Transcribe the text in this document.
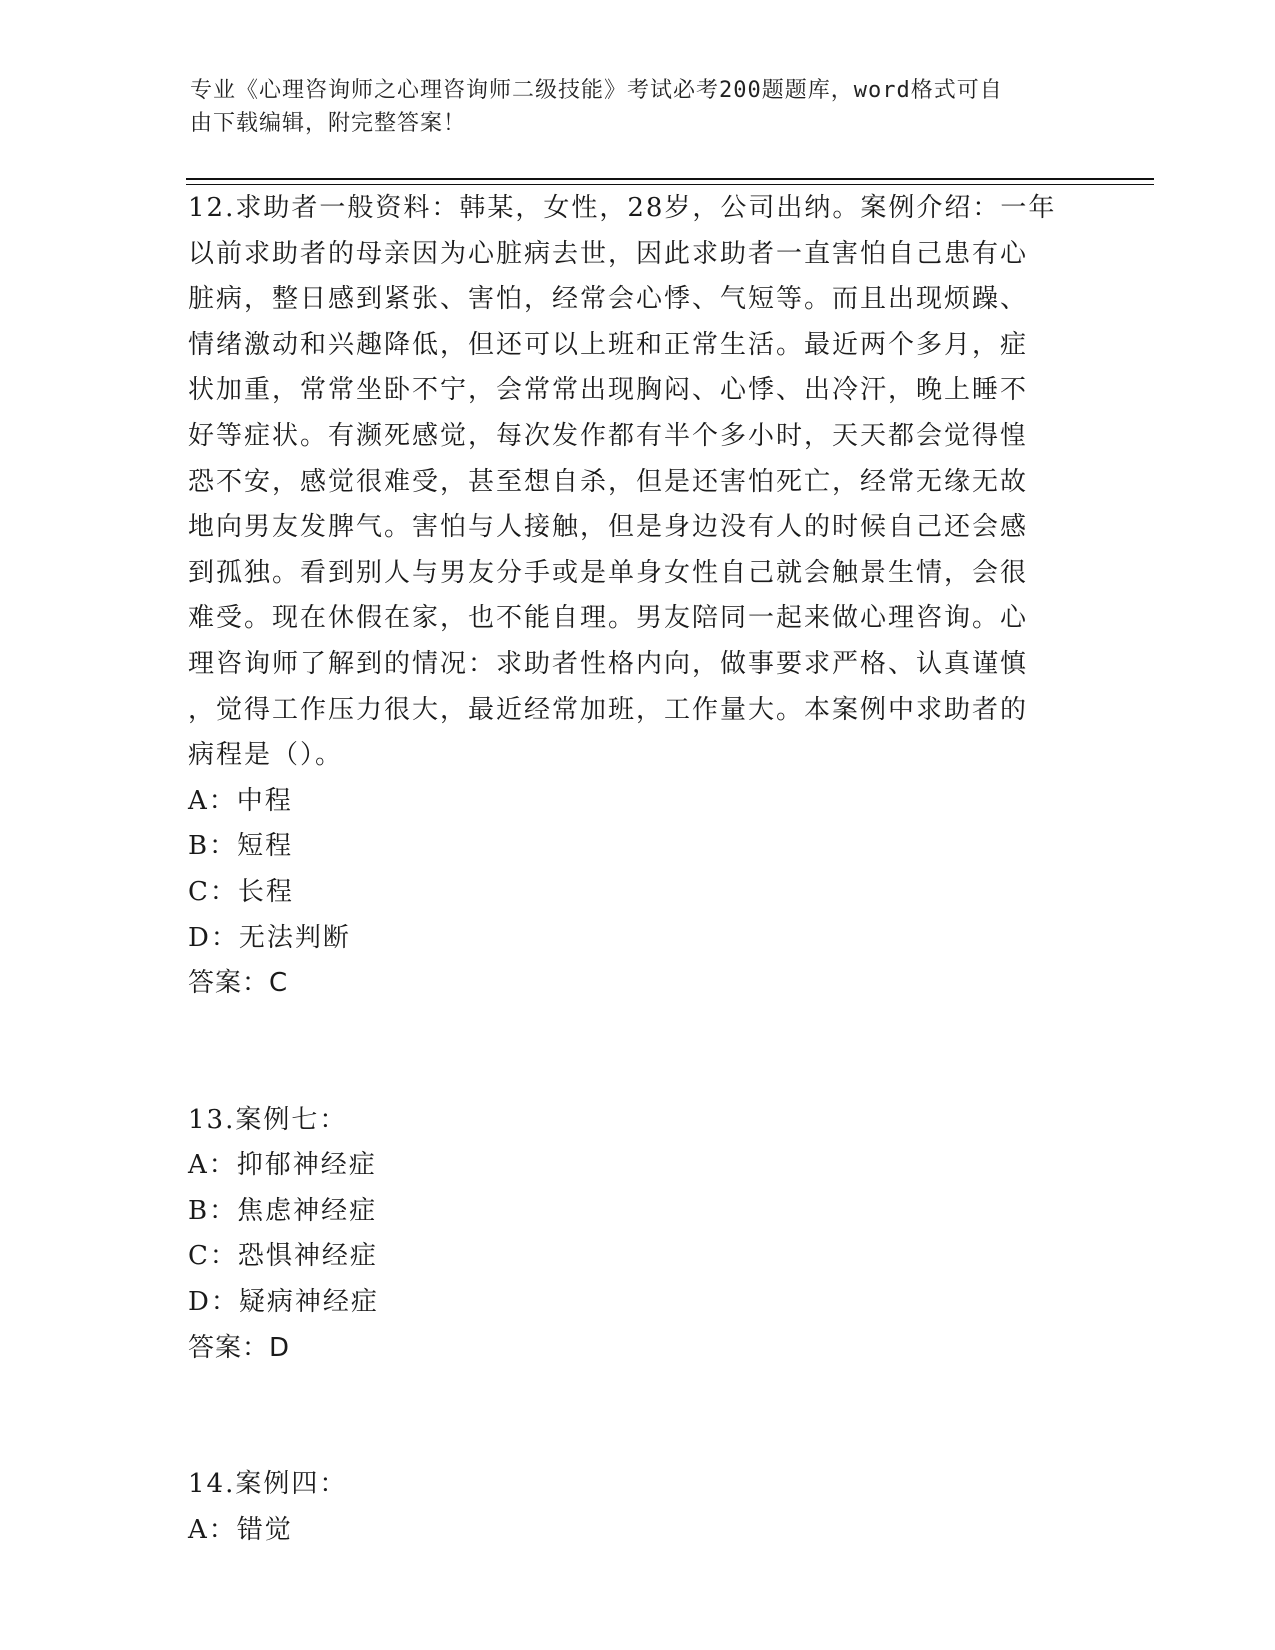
专业《心理咨询师之心理咨询师二级技能》考试必考200题题库，word格式可自
由下载编辑，附完整答案！

12.求助者一般资料：韩某，女性，28岁，公司出纳。案例介绍：一年

以前求助者的母亲因为心脏病去世，因此求助者一直害怕自己患有心

脏病，整日感到紧张、害怕，经常会心悸、气短等。而且出现烦躁、

情绪激动和兴趣降低，但还可以上班和正常生活。最近两个多月，症

状加重，常常坐卧不宁，会常常出现胸闷、心悸、出冷汗，晚上睡不

好等症状。有濒死感觉，每次发作都有半个多小时，天天都会觉得惶

恐不安，感觉很难受，甚至想自杀，但是还害怕死亡，经常无缘无故

地向男友发脾气。害怕与人接触，但是身边没有人的时候自己还会感

到孤独。看到别人与男友分手或是单身女性自己就会触景生情，会很

难受。现在休假在家，也不能自理。男友陪同一起来做心理咨询。心

理咨询师了解到的情况：求助者性格内向，做事要求严格、认真谨慎

，觉得工作压力很大，最近经常加班，工作量大。本案例中求助者的

病程是（）。

A：中程

B：短程

C：长程

D：无法判断

答案：C

13.案例七：

A：抑郁神经症

B：焦虑神经症

C：恐惧神经症

D：疑病神经症

答案：D

14.案例四：

A：错觉
